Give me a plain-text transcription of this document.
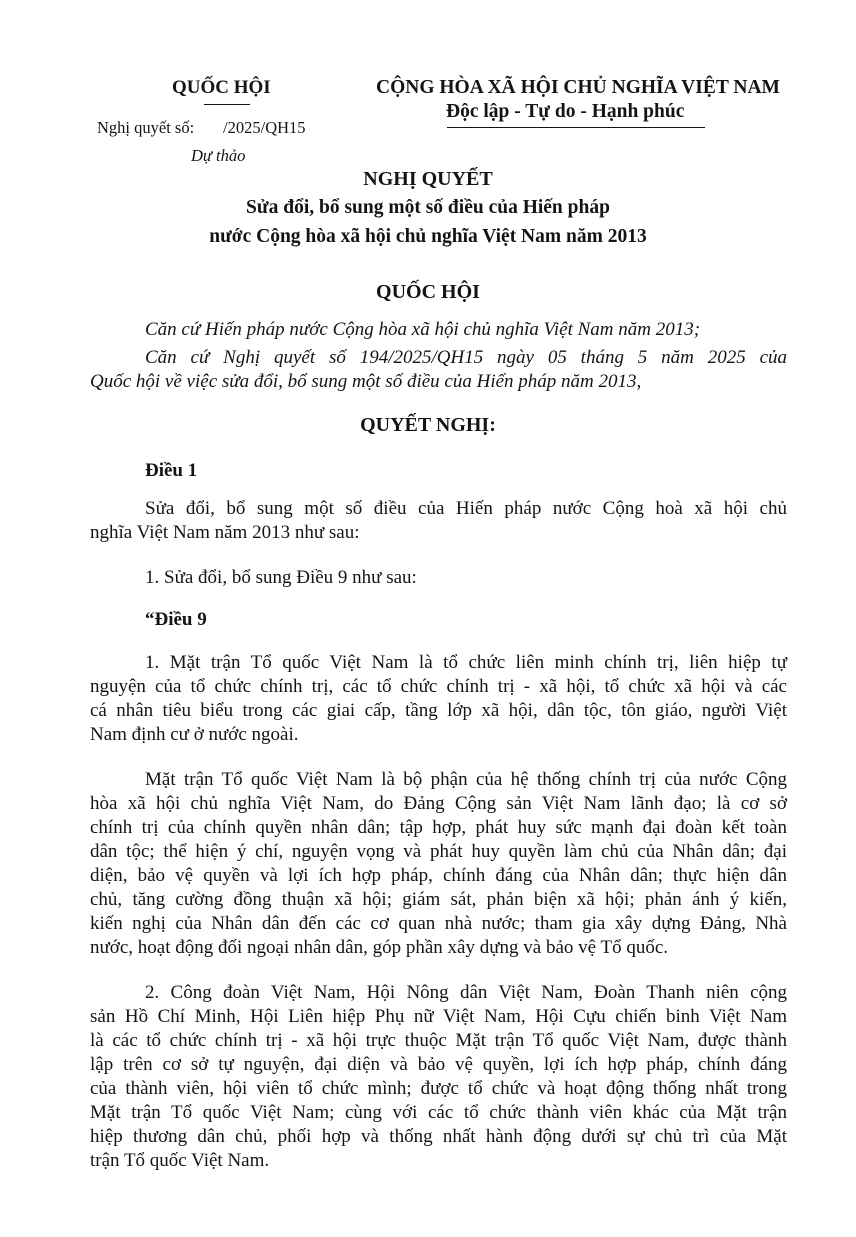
QUỐC HỘI	CỘNG HÒA XÃ HỘI CHỦ NGHĨA VIỆT NAM
Độc lập - Tự do - Hạnh phúc
Nghị quyết số:       /2025/QH15
Dự thảo
NGHỊ QUYẾT
Sửa đổi, bổ sung một số điều của Hiến pháp
nước Cộng hòa xã hội chủ nghĩa Việt Nam năm 2013
QUỐC HỘI
Căn cứ Hiến pháp nước Cộng hòa xã hội chủ nghĩa Việt Nam năm 2013;
Căn cứ Nghị quyết số 194/2025/QH15 ngày 05 tháng 5 năm 2025 của
Quốc hội về việc sửa đổi, bổ sung một số điều của Hiến pháp năm 2013,
QUYẾT NGHỊ:
Điều 1
Sửa đổi, bổ sung một số điều của Hiến pháp nước Cộng hoà xã hội chủ
nghĩa Việt Nam năm 2013 như sau:
1. Sửa đổi, bổ sung Điều 9 như sau:
“Điều 9
1. Mặt trận Tổ quốc Việt Nam là tổ chức liên minh chính trị, liên hiệp tự
nguyện của tổ chức chính trị, các tổ chức chính trị - xã hội, tổ chức xã hội và các
cá nhân tiêu biểu trong các giai cấp, tầng lớp xã hội, dân tộc, tôn giáo, người Việt
Nam định cư ở nước ngoài.
Mặt trận Tổ quốc Việt Nam là bộ phận của hệ thống chính trị của nước Cộng
hòa xã hội chủ nghĩa Việt Nam, do Đảng Cộng sản Việt Nam lãnh đạo; là cơ sở
chính trị của chính quyền nhân dân; tập hợp, phát huy sức mạnh đại đoàn kết toàn
dân tộc; thể hiện ý chí, nguyện vọng và phát huy quyền làm chủ của Nhân dân; đại
diện, bảo vệ quyền và lợi ích hợp pháp, chính đáng của Nhân dân; thực hiện dân
chủ, tăng cường đồng thuận xã hội; giám sát, phản biện xã hội; phản ánh ý kiến,
kiến nghị của Nhân dân đến các cơ quan nhà nước; tham gia xây dựng Đảng, Nhà
nước, hoạt động đối ngoại nhân dân, góp phần xây dựng và bảo vệ Tổ quốc.
2. Công đoàn Việt Nam, Hội Nông dân Việt Nam, Đoàn Thanh niên cộng
sản Hồ Chí Minh, Hội Liên hiệp Phụ nữ Việt Nam, Hội Cựu chiến binh Việt Nam
là các tổ chức chính trị - xã hội trực thuộc Mặt trận Tổ quốc Việt Nam, được thành
lập trên cơ sở tự nguyện, đại diện và bảo vệ quyền, lợi ích hợp pháp, chính đáng
của thành viên, hội viên tổ chức mình; được tổ chức và hoạt động thống nhất trong
Mặt trận Tổ quốc Việt Nam; cùng với các tổ chức thành viên khác của Mặt trận
hiệp thương dân chủ, phối hợp và thống nhất hành động dưới sự chủ trì của Mặt
trận Tổ quốc Việt Nam.
